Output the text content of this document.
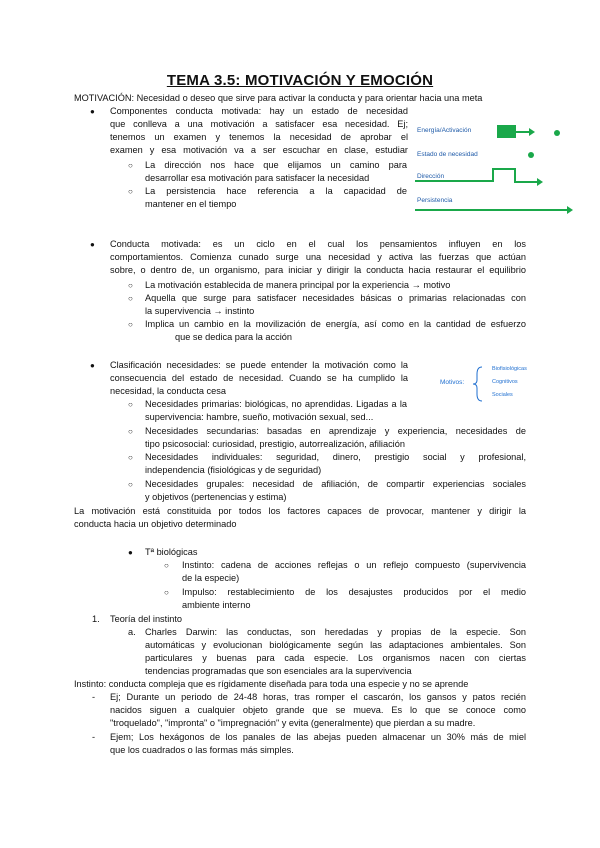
TEMA 3.5: MOTIVACIÓN Y EMOCIÓN
MOTIVACIÓN: Necesidad o deseo que sirve para activar la conducta y para orientar hacia una meta
● Componentes conducta motivada: hay un estado de necesidad
que conlleva a una motivación a satisfacer esa necesidad. Ej;
tenemos un examen y tenemos la necesidad de aprobar el
examen y esa motivación va a ser escuchar en clase, estudiar
○ La dirección nos hace que elijamos un camino para
desarrollar esa motivación para satisfacer la necesidad
○ La persistencia hace referencia a la capacidad de
mantener en el tiempo
Energía/Activación
Estado de necesidad
Dirección
Persistencia
● Conducta motivada: es un ciclo en el cual los pensamientos influyen en los
comportamientos. Comienza cunado surge una necesidad y activa las fuerzas que actúan
sobre, o dentro de, un organismo, para iniciar y dirigir la conducta hacia restaurar el equilibrio
○ La motivación establecida de manera principal por la experiencia → motivo
○ Aquella que surge para satisfacer necesidades básicas o primarias relacionadas con
la supervivencia → instinto
○ Implica un cambio en la movilización de energía, así como en la cantidad de esfuerzo
que se dedica para la acción
● Clasificación necesidades: se puede entender la motivación como la
consecuencia del estado de necesidad. Cuando se ha cumplido la
necesidad, la conducta cesa
○ Necesidades primarias: biológicas, no aprendidas. Ligadas a la
supervivencia: hambre, sueño, motivación sexual, sed...
○ Necesidades secundarias: basadas en aprendizaje y experiencia, necesidades de
tipo psicosocial: curiosidad, prestigio, autorrealización, afiliación
○ Necesidades individuales: seguridad, dinero, prestigio social y profesional,
independencia (fisiológicas y de seguridad)
○ Necesidades grupales: necesidad de afiliación, de compartir experiencias sociales
y objetivos (pertenencias y estima)
Motivos:
Biofisiológicas
Cognitivos
Sociales
La motivación está constituida por todos los factores capaces de provocar, mantener y dirigir la
conducta hacia un objetivo determinado
● Tª biológicas
○ Instinto: cadena de acciones reflejas o un reflejo compuesto (supervivencia
de la especie)
○ Impulso: restablecimiento de los desajustes producidos por el medio
ambiente interno
1. Teoría del instinto
a. Charles Darwin: las conductas, son heredadas y propias de la especie. Son
automáticas y evolucionan biológicamente según las adaptaciones ambientales. Son
particulares y buenas para cada especie. Los organismos nacen con ciertas
tendencias programadas que son esenciales ara la supervivencia
Instinto: conducta compleja que es rígidamente diseñada para toda una especie y no se aprende
- Ej; Durante un periodo de 24-48 horas, tras romper el cascarón, los gansos y patos recién
nacidos siguen a cualquier objeto grande que se mueva. Es lo que se conoce como
"troquelado", "impronta" o "impregnación" y evita (generalmente) que pierdan a su madre.
- Ejem; Los hexágonos de los panales de las abejas pueden almacenar un 30% más de miel
que los cuadrados o las formas más simples.
